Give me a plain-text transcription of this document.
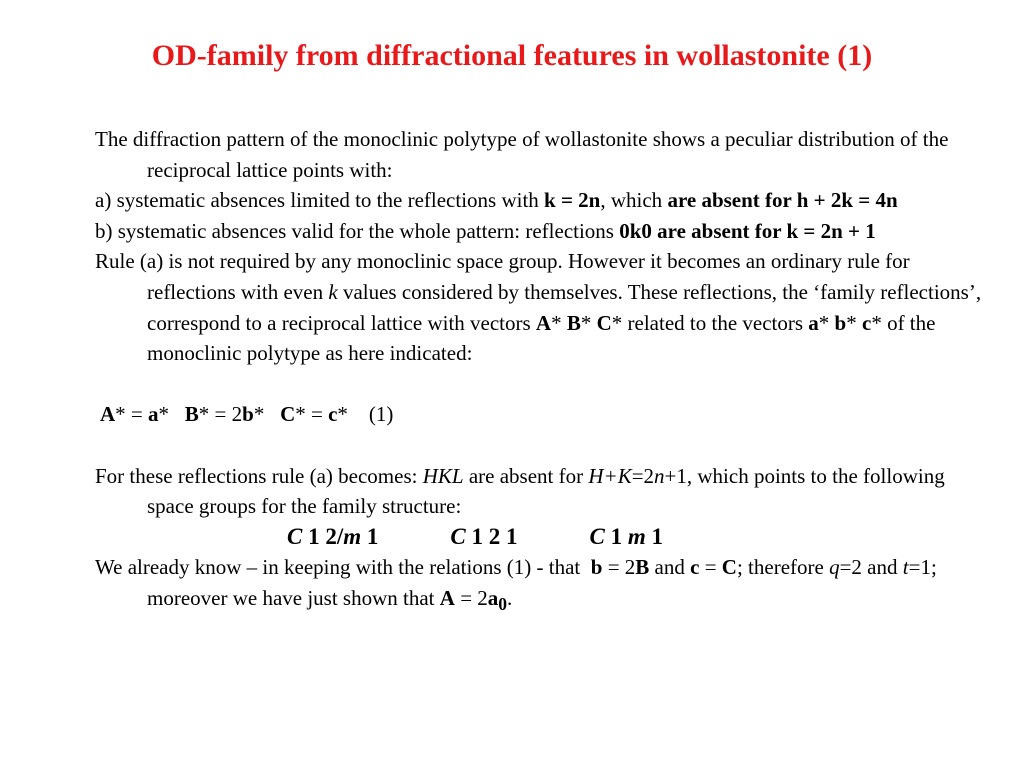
OD-family from diffractional features in wollastonite (1)

The diffraction pattern of the monoclinic polytype of wollastonite shows a peculiar distribution of the reciprocal lattice points with:

a) systematic absences limited to the reflections with k = 2n, which are absent for h + 2k = 4n

b) systematic absences valid for the whole pattern: reflections 0k0 are absent for k = 2n + 1

Rule (a) is not required by any monoclinic space group. However it becomes an ordinary rule for reflections with even k values considered by themselves. These reflections, the ‘family reflections’, correspond to a reciprocal lattice with vectors A* B* C* related to the vectors a* b* c* of the monoclinic polytype as here indicated:

A* = a*   B* = 2b*   C* = c*    (1)

For these reflections rule (a) becomes: HKL are absent for H+K=2n+1, which points to the following space groups for the family structure:

C 1 2/m 1	C 1 2 1	C 1 m 1

We already know – in keeping with the relations (1) - that  b = 2B and c = C; therefore q=2 and t=1; moreover we have just shown that $A = 2a_0$.
